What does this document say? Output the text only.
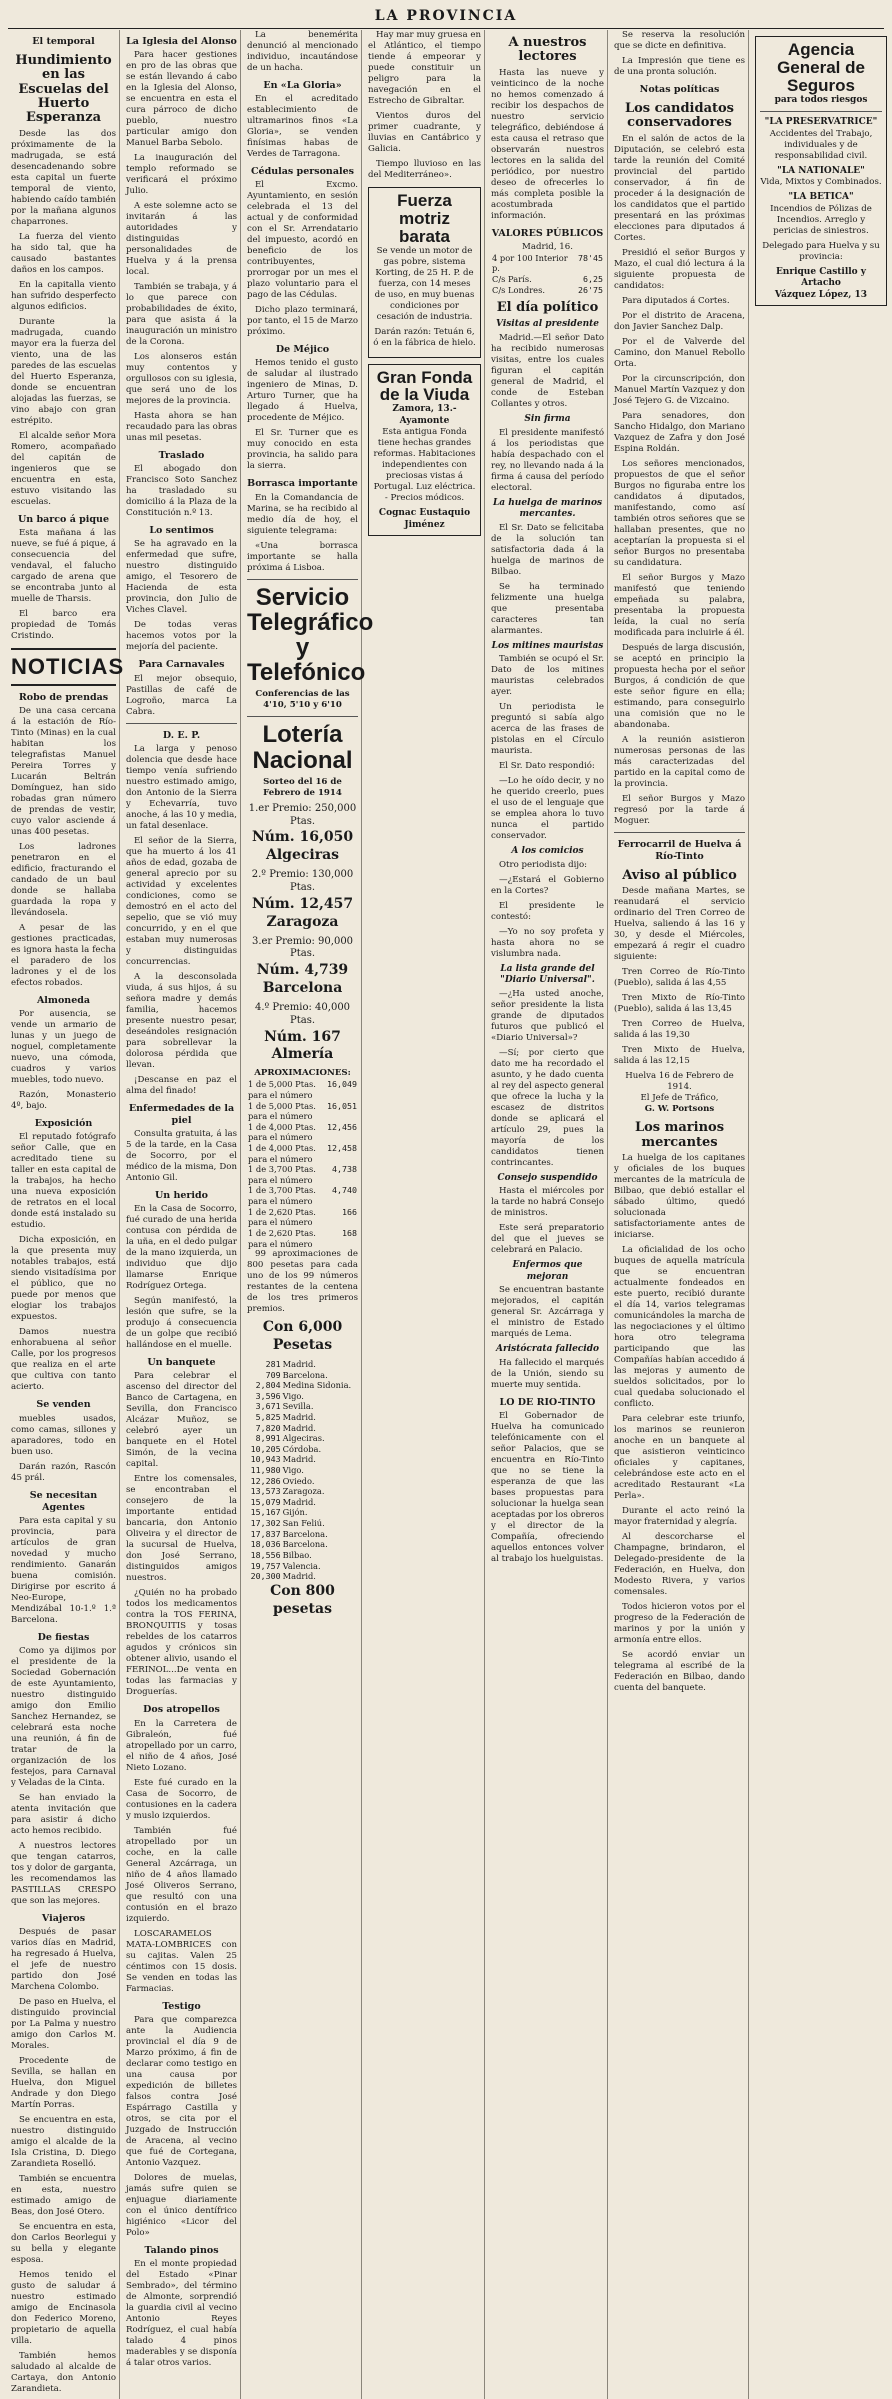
LA PROVINCIA
El temporal
Hundimiento en las Escuelas del Huerto Esperanza

Desde las dos próximamente de la madrugada, se está desencadenando sobre esta capital un fuerte temporal de viento, habiendo caído también por la mañana algunos chaparrones.

La fuerza del viento ha sido tal, que ha causado bastantes daños en los campos.

En la capitalla viento han sufrido desperfecto algunos edificios.

Durante la madrugada, cuando mayor era la fuerza del viento, una de las paredes de las escuelas del Huerto Esperanza, donde se encuentran alojadas las fuerzas, se vino abajo con gran estrépito.

El alcalde señor Mora Romero, acompañado del capitán de ingenieros que se encuentra en esta, estuvo visitando las escuelas.

Un barco á pique

Esta mañana á las nueve, se fué á pique, á consecuencia del vendaval, el falucho cargado de arena que se encontraba junto al muelle de Tharsis.

El barco era propiedad de Tomás Cristindo.

NOTICIAS
Robo de prendas

De una casa cercana á la estación de Río-Tinto (Minas) en la cual habitan los telegrafistas Manuel Pereira Torres y Lucarán Beltrán Domínguez, han sido robadas gran número de prendas de vestir, cuyo valor asciende á unas 400 pesetas.

Los ladrones penetraron en el edificio, fracturando el candado de un baul donde se hallaba guardada la ropa y llevándosela.

A pesar de las gestiones practicadas, es ignora hasta la fecha el paradero de los ladrones y el de los efectos robados.

Almoneda

Por ausencia, se vende un armario de lunas y un juego de noguel, completamente nuevo, una cómoda, cuadros y varios muebles, todo nuevo.

Razón, Monasterio 4º, bajo.

Exposición

El reputado fotógrafo señor Calle, que en acreditado tiene su taller en esta capital de la trabajos, ha hecho una nueva exposición de retratos en el local donde está instalado su estudio.

Dicha exposición, en la que presenta muy notables trabajos, está siendo visitadísima por el público, que no puede por menos que elogiar los trabajos expuestos.

Damos nuestra enhorabuena al señor Calle, por los progresos que realiza en el arte que cultiva con tanto acierto.

Se venden

muebles usados, como camas, sillones y aparadores, todo en buen uso.

Darán razón, Rascón 45 prál.

Se necesitan Agentes

Para esta capital y su provincia, para artículos de gran novedad y mucho rendimiento. Ganarán buena comisión. Dirigirse por escrito á Neo-Europe, Mendizábal 10-1.º 1.ª Barcelona.

De fiestas

Como ya dijimos por el presidente de la Sociedad Gobernación de este Ayuntamiento, nuestro distinguido amigo don Emilio Sanchez Hernandez, se celebrará esta noche una reunión, á fin de tratar de la organización de los festejos, para Carnaval y Veladas de la Cinta.

Se han enviado la atenta invitación que para asistir á dicho acto hemos recibido.

A nuestros lectores que tengan catarros, tos y dolor de garganta, les recomendamos las PASTILLAS CRESPO que son las mejores.

Viajeros

Después de pasar varios días en Madrid, ha regresado á Huelva, el jefe de nuestro partido don José Marchena Colombo.

De paso en Huelva, el distinguido provincial por La Palma y nuestro amigo don Carlos M. Morales.

Procedente de Sevilla, se hallan en Huelva, don Miguel Andrade y don Diego Martín Porras.

Se encuentra en esta, nuestro distinguido amigo el alcalde de la Isla Cristina, D. Diego Zarandieta Roselló.

También se encuentra en esta, nuestro estimado amigo de Beas, don José Otero.

Se encuentra en esta, don Carlos Beorlegui y su bella y elegante esposa.

Hemos tenido el gusto de saludar á nuestro estimado amigo de Encinasola don Federico Moreno, propietario de aquella villa.

También hemos saludado al alcalde de Cartaya, don Antonio Zarandieta.

La Iglesia del Alonso

Para hacer gestiones en pro de las obras que se están llevando á cabo en la Iglesia del Alonso, se encuentra en esta el cura párroco de dicho pueblo, nuestro particular amigo don Manuel Barba Sebolo.

La inauguración del templo reformado se verificará el próximo Julio.

A este solemne acto se invitarán á las autoridades y distinguidas personalidades de Huelva y á la prensa local.

También se trabaja, y á lo que parece con probabilidades de éxito, para que asista á la inauguración un ministro de la Corona.

Los alonseros están muy contentos y orgullosos con su iglesia, que será uno de los mejores de la provincia.

Hasta ahora se han recaudado para las obras unas mil pesetas.

Traslado

El abogado don Francisco Soto Sanchez ha trasladado su domicilio á la Plaza de la Constitución n.º 13.

Lo sentimos

Se ha agravado en la enfermedad que sufre, nuestro distinguido amigo, el Tesorero de Hacienda de esta provincia, don Julio de Viches Clavel.

De todas veras hacemos votos por la mejoría del paciente.

Para Carnavales

El mejor obsequio, Pastillas de café de Logroño, marca La Cabra.

D. E. P.

La larga y penoso dolencia que desde hace tiempo venía sufriendo nuestro estimado amigo, don Antonio de la Sierra y Echevarría, tuvo anoche, á las 10 y media, un fatal desenlace.

El señor de la Sierra, que ha muerto á los 41 años de edad, gozaba de general aprecio por su actividad y excelentes condiciones, como se demostró en el acto del sepelio, que se vió muy concurrido, y en el que estaban muy numerosas y distinguidas concurrencias.

A la desconsolada viuda, á sus hijos, á su señora madre y demás familia, hacemos presente nuestro pesar, deseándoles resignación para sobrellevar la dolorosa pérdida que llevan.

¡Descanse en paz el alma del finado!

Enfermedades de la piel

Consulta gratuita, á las 5 de la tarde, en la Casa de Socorro, por el médico de la misma, Don Antonio Gil.

Un herido

En la Casa de Socorro, fué curado de una herida contusa con pérdida de la uña, en el dedo pulgar de la mano izquierda, un individuo que dijo llamarse Enrique Rodríguez Ortega.

Según manifestó, la lesión que sufre, se la produjo á consecuencia de un golpe que recibió hallándose en el muelle.

Un banquete

Para celebrar el ascenso del director del Banco de Cartagena, en Sevilla, don Francisco Alcázar Muñoz, se celebró ayer un banquete en el Hotel Simón, de la vecina capital.

Entre los comensales, se encontraban el consejero de la importante entidad bancaria, don Antonio Oliveira y el director de la sucursal de Huelva, don José Serrano, distinguidos amigos nuestros.

¿Quién no ha probado todos los medicamentos contra la TOS FERINA, BRONQUITIS y tosas rebeldes de los catarros agudos y crónicos sin obtener alivio, usando el FERINOL...De venta en todas las farmacias y Droguerías.

Dos atropellos

En la Carretera de Gibraleón, fué atropellado por un carro, el niño de 4 años, José Nieto Lozano.

Este fué curado en la Casa de Socorro, de contusiones en la cadera y muslo izquierdos.

También fué atropellado por un coche, en la calle General Azcárraga, un niño de 4 años llamado José Oliveros Serrano, que resultó con una contusión en el brazo izquierdo.

LOSCARAMELOS MATA-LOMBRICES con su cajitas. Valen 25 céntimos con 15 dosis. Se venden en todas las Farmacias.

Testigo

Para que comparezca ante la Audiencia provincial el día 9 de Marzo próximo, á fin de declarar como testigo en una causa por expedición de billetes falsos contra José Espárrago Castilla y otros, se cita por el Juzgado de Instrucción de Aracena, al vecino que fué de Cortegana, Antonio Vazquez.

Dolores de muelas, jamás sufre quien se enjuague diariamente con el único dentífrico higiénico «Licor del Polo»

Talando pinos

En el monte propiedad del Estado «Pinar Sembrado», del término de Almonte, sorprendió la guardia civil al vecino Antonio Reyes Rodríguez, el cual había talado 4 pinos maderables y se disponía á talar otros varios.

La benemérita denunció al mencionado individuo, incautándose de un hacha.

En «La Gloria»

En el acreditado establecimiento de ultramarinos finos «La Gloria», se venden finísimas habas de Verdes de Tarragona.

Cédulas personales

El Excmo. Ayuntamiento, en sesión celebrada el 13 del actual y de conformidad con el Sr. Arrendatario del impuesto, acordó en beneficio de los contribuyentes, prorrogar por un mes el plazo voluntario para el pago de las Cédulas.

Dicho plazo terminará, por tanto, el 15 de Marzo próximo.

De Méjico

Hemos tenido el gusto de saludar al ilustrado ingeniero de Minas, D. Arturo Turner, que ha llegado á Huelva, procedente de Méjico.

El Sr. Turner que es muy conocido en esta provincia, ha salido para la sierra.

Borrasca importante

En la Comandancia de Marina, se ha recibido al medio día de hoy, el siguiente telegrama:

«Una borrasca importante se halla próxima á Lisboa.

Servicio Telegráfico y Telefónico
Conferencias de las 4'10, 5'10 y 6'10
Lotería Nacional
Sorteo del 16 de Febrero de 1914
1.er Premio: 250,000 Ptas.
Núm. 16,050 Algeciras
2.º Premio: 130,000 Ptas.
Núm. 12,457 Zaragoza
3.er Premio: 90,000 Ptas.
Núm. 4,739 Barcelona
4.º Premio: 40,000 Ptas.
Núm. 167 Almería
APROXIMACIONES:
1 de 5,000 Ptas. para el número	16,049
1 de 5,000 Ptas. para el número	16,051
1 de 4,000 Ptas. para el número	12,456
1 de 4,000 Ptas. para el número	12,458
1 de 3,700 Ptas. para el número	4,738
1 de 3,700 Ptas. para el número	4,740
1 de 2,620 Ptas. para el número	166
1 de 2,620 Ptas. para el número	168

99 aproximaciones de 800 pesetas para cada uno de los 99 números restantes de la centena de los tres primeros premios.

Con 6,000 Pesetas
281	Madrid.
709	Barcelona.
2,804	Medina Sidonia.
3,596	Vigo.
3,671	Sevilla.
5,825	Madrid.
7,820	Madrid.
8,991	Algeciras.
10,205	Córdoba.
10,943	Madrid.
11,980	Vigo.
12,286	Oviedo.
13,573	Zaragoza.
15,079	Madrid.
15,167	Gijón.
17,302	San Feliú.
17,837	Barcelona.
18,036	Barcelona.
18,556	Bilbao.
19,757	Valencia.
20,300	Madrid.
Con 800 pesetas

Hay mar muy gruesa en el Atlántico, el tiempo tiende á empeorar y puede constituir un peligro para la navegación en el Estrecho de Gibraltar.

Vientos duros del primer cuadrante, y lluvias en Cantábrico y Galicia.

Tiempo lluvioso en las del Mediterráneo».

Fuerza motriz barata

Se vende un motor de gas pobre, sistema Korting, de 25 H. P. de fuerza, con 14 meses de uso, en muy buenas condiciones por cesación de industria.

Darán razón: Tetuán 6, ó en la fábrica de hielo.

Gran Fonda de la Viuda
Zamora, 13.-Ayamonte

Esta antigua Fonda tiene hechas grandes reformas. Habitaciones independientes con preciosas vistas á Portugal. Luz eléctrica. - Precios módicos.

Cognac Eustaquio Jiménez
A nuestros lectores

Hasta las nueve y veinticinco de la noche no hemos comenzado á recibir los despachos de nuestro servicio telegráfico, debiéndose á esta causa el retraso que observarán nuestros lectores en la salida del periódico, por nuestro deseo de ofrecerles lo más completa posible la acostumbrada información.

VALORES PÚBLICOS
Madrid, 16.
4 por 100 Interior p.	78'45
C/s París.	6,25
C/s Londres.	26'75
El día político
Visitas al presidente

Madrid.—El señor Dato ha recibido numerosas visitas, entre los cuales figuran el capitán general de Madrid, el conde de Esteban Collantes y otros.

Sin firma

El presidente manifestó á los periodistas que había despachado con el rey, no llevando nada á la firma á causa del período electoral.

La huelga de marinos mercantes.

El Sr. Dato se felicitaba de la solución tan satisfactoria dada á la huelga de marinos de Bilbao.

Se ha terminado felizmente una huelga que presentaba caracteres tan alarmantes.

Los mitines mauristas

También se ocupó el Sr. Dato de los mitines mauristas celebrados ayer.

Un periodista le preguntó si sabía algo acerca de las frases de pistolas en el Círculo maurista.

El Sr. Dato respondió:

—Lo he oído decir, y no he querido creerlo, pues el uso de el lenguaje que se emplea ahora lo tuvo nunca el partido conservador.

A los comicios

Otro periodista dijo:

—¿Estará el Gobierno en la Cortes?

El presidente le contestó:

—Yo no soy profeta y hasta ahora no se vislumbra nada.

La lista grande del "Diario Universal".

—¿Ha usted anoche, señor presidente la lista grande de diputados futuros que publicó el «Diario Universal»?

—Sí; por cierto que dato me ha recordado el asunto, y he dado cuenta al rey del aspecto general que ofrece la lucha y la escasez de distritos donde se aplicará el artículo 29, pues la mayoría de los candidatos tienen contrincantes.

Consejo suspendido

Hasta el miércoles por la tarde no habrá Consejo de ministros.

Este será preparatorio del que el jueves se celebrará en Palacio.

Enfermos que mejoran

Se encuentran bastante mejorados, el capitán general Sr. Azcárraga y el ministro de Estado marqués de Lema.

Aristócrata fallecido

Ha fallecido el marqués de la Unión, siendo su muerte muy sentida.

LO DE RIO-TINTO

El Gobernador de Huelva ha comunicado telefónicamente con el señor Palacios, que se encuentra en Río-Tinto que no se tiene la esperanza de que las bases propuestas para solucionar la huelga sean aceptadas por los obreros y el director de la Compañía, ofreciendo aquellos entonces volver al trabajo los huelguistas.

Se reserva la resolución que se dicte en definitiva.

La Impresión que tiene es de una pronta solución.

Notas políticas
Los candidatos conservadores

En el salón de actos de la Diputación, se celebró esta tarde la reunión del Comité provincial del partido conservador, á fin de proceder á la designación de los candidatos que el partido presentará en las próximas elecciones para diputados á Cortes.

Presidió el señor Burgos y Mazo, el cual dió lectura á la siguiente propuesta de candidatos:

Para diputados á Cortes.

Por el distrito de Aracena, don Javier Sanchez Dalp.

Por el de Valverde del Camino, don Manuel Rebollo Orta.

Por la circunscripción, don Manuel Martín Vazquez y don José Tejero G. de Vizcaino.

Para senadores, don Sancho Hidalgo, don Mariano Vazquez de Zafra y don José Espina Roldán.

Los señores mencionados, propuestos de que el señor Burgos no figuraba entre los candidatos á diputados, manifestando, como así también otros señores que se hallaban presentes, que no aceptarían la propuesta si el señor Burgos no presentaba su candidatura.

El señor Burgos y Mazo manifestó que teniendo empeñada su palabra, presentaba la propuesta leída, la cual no sería modificada para incluirle á él.

Después de larga discusión, se aceptó en principio la propuesta hecha por el señor Burgos, á condición de que este señor figure en ella; estimando, para conseguirlo una comisión que no le abandonaba.

A la reunión asistieron numerosas personas de las más caracterizadas del partido en la capital como de la provincia.

El señor Burgos y Mazo regresó por la tarde á Moguer.

Ferrocarril de Huelva á Río-Tinto
Aviso al público

Desde mañana Martes, se reanudará el servicio ordinario del Tren Correo de Huelva, saliendo á las 16 y 30, y desde el Miércoles, empezará á regir el cuadro siguiente:

Tren Correo de Río-Tinto (Pueblo), salida á las 4,55

Tren Mixto de Río-Tinto (Pueblo), salida á las 13,45

Tren Correo de Huelva, salida á las 19,30

Tren Mixto de Huelva, salida á las 12,15

Huelva 16 de Febrero de 1914.
El Jefe de Tráfico,
G. W. Portsons
Los marinos mercantes

La huelga de los capitanes y oficiales de los buques mercantes de la matrícula de Bilbao, que debió estallar el sábado último, quedó solucionada satisfactoriamente antes de iniciarse.

La oficialidad de los ocho buques de aquella matrícula que se encuentran actualmente fondeados en este puerto, recibió durante el día 14, varios telegramas comunicándoles la marcha de las negociaciones y el último hora otro telegrama participando que las Compañías habían accedido á las mejoras y aumento de sueldos solicitados, por lo cual quedaba solucionado el conflicto.

Para celebrar este triunfo, los marinos se reunieron anoche en un banquete al que asistieron veinticinco oficiales y capitanes, celebrándose este acto en el acreditado Restaurant «La Perla».

Durante el acto reinó la mayor fraternidad y alegría.

Al descorcharse el Champagne, brindaron, el Delegado-presidente de la Federación, en Huelva, don Modesto Rivera, y varios comensales.

Todos hicieron votos por el progreso de la Federación de marinos y por la unión y armonía entre ellos.

Se acordó enviar un telegrama al escribé de la Federación en Bilbao, dando cuenta del banquete.

Agencia General de Seguros
para todos riesgos
"LA PRESERVATRICE"

Accidentes del Trabajo, individuales y de responsabilidad civil.

"LA NATIONALE"

Vida, Mixtos y Combinados.

"LA BETICA"

Incendios de Pólizas de Incendios. Arreglo y pericias de siniestros.

Delegado para Huelva y su provincia:

Enrique Castillo y Artacho
Vázquez López, 13
